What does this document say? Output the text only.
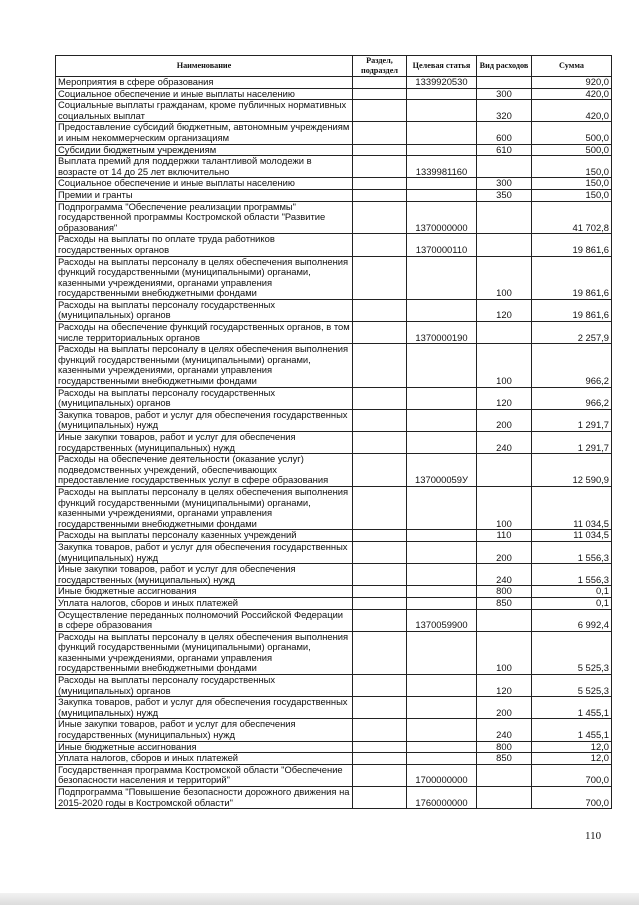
Наименование	Раздел, подраздел	Целевая статья	Вид расходов	Сумма
Мероприятия в сфере образования		1339920530		920,0
Социальное обеспечение и иные выплаты населению			300	420,0
Социальные выплаты гражданам, кроме публичных нормативных социальных выплат			320	420,0
Предоставление субсидий бюджетным, автономным учреждениям и иным некоммерческим организациям			600	500,0
Субсидии бюджетным учреждениям			610	500,0
Выплата премий для поддержки талантливой молодежи в возрасте от 14 до 25 лет включительно		1339981160		150,0
Социальное обеспечение и иные выплаты населению			300	150,0
Премии и гранты			350	150,0
Подпрограмма "Обеспечение реализации программы" государственной программы Костромской области "Развитие образования"		1370000000		41 702,8
Расходы на выплаты по оплате труда работников государственных органов		1370000110		19 861,6
Расходы на выплаты персоналу в целях обеспечения выполнения функций государственными (муниципальными) органами, казенными учреждениями, органами управления государственными внебюджетными фондами			100	19 861,6
Расходы на выплаты персоналу государственных (муниципальных) органов			120	19 861,6
Расходы на обеспечение функций государственных органов, в том числе территориальных органов		1370000190		2 257,9
Расходы на выплаты персоналу в целях обеспечения выполнения функций государственными (муниципальными) органами, казенными учреждениями, органами управления государственными внебюджетными фондами			100	966,2
Расходы на выплаты персоналу государственных (муниципальных) органов			120	966,2
Закупка товаров, работ и услуг для обеспечения государственных (муниципальных) нужд			200	1 291,7
Иные закупки товаров, работ и услуг для обеспечения государственных (муниципальных) нужд			240	1 291,7
Расходы на обеспечение деятельности (оказание услуг) подведомственных учреждений, обеспечивающих предоставление государственных услуг в сфере образования		137000059У		12 590,9
Расходы на выплаты персоналу в целях обеспечения выполнения функций государственными (муниципальными) органами, казенными учреждениями, органами управления государственными внебюджетными фондами			100	11 034,5
Расходы на выплаты персоналу казенных учреждений			110	11 034,5
Закупка товаров, работ и услуг для обеспечения государственных (муниципальных) нужд			200	1 556,3
Иные закупки товаров, работ и услуг для обеспечения государственных (муниципальных) нужд			240	1 556,3
Иные бюджетные ассигнования			800	0,1
Уплата налогов, сборов и иных платежей			850	0,1
Осуществление переданных полномочий Российской Федерации в сфере образования		1370059900		6 992,4
Расходы на выплаты персоналу в целях обеспечения выполнения функций государственными (муниципальными) органами, казенными учреждениями, органами управления государственными внебюджетными фондами			100	5 525,3
Расходы на выплаты персоналу государственных (муниципальных) органов			120	5 525,3
Закупка товаров, работ и услуг для обеспечения государственных (муниципальных) нужд			200	1 455,1
Иные закупки товаров, работ и услуг для обеспечения государственных (муниципальных) нужд			240	1 455,1
Иные бюджетные ассигнования			800	12,0
Уплата налогов, сборов и иных платежей			850	12,0
Государственная программа Костромской области "Обеспечение безопасности населения и территорий"		1700000000		700,0
Подпрограмма "Повышение безопасности дорожного движения на 2015-2020 годы в Костромской области"		1760000000		700,0
110
